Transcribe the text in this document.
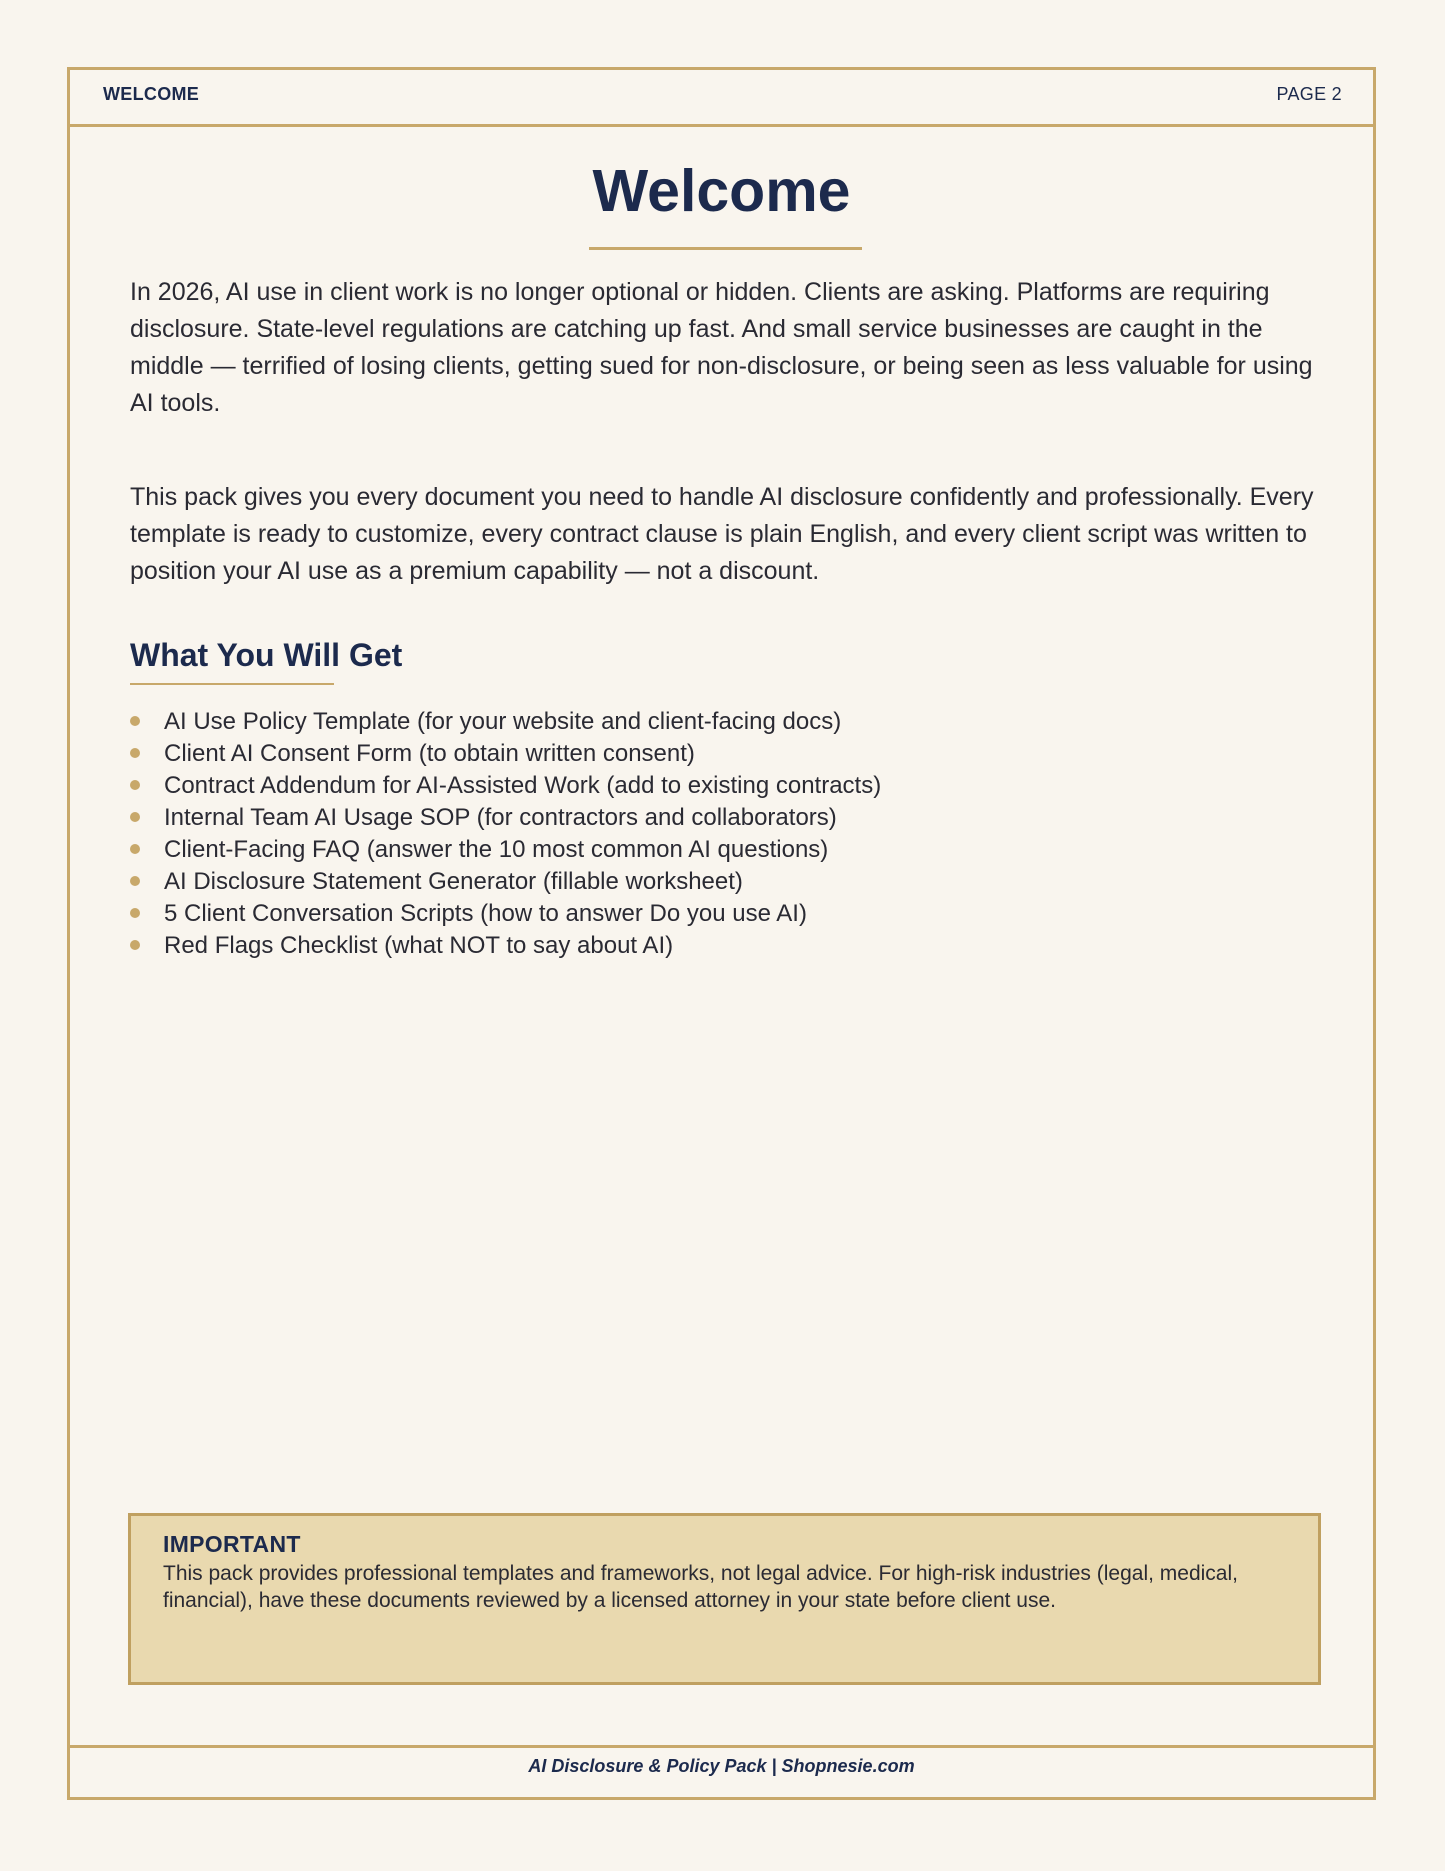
WELCOME	PAGE 2
Welcome

In 2026, AI use in client work is no longer optional or hidden. Clients are asking. Platforms are requiring disclosure. State-level regulations are catching up fast. And small service businesses are caught in the middle — terrified of losing clients, getting sued for non-disclosure, or being seen as less valuable for using AI tools.

This pack gives you every document you need to handle AI disclosure confidently and professionally. Every template is ready to customize, every contract clause is plain English, and every client script was written to position your AI use as a premium capability — not a discount.

What You Will Get
AI Use Policy Template (for your website and client-facing docs)
Client AI Consent Form (to obtain written consent)
Contract Addendum for AI-Assisted Work (add to existing contracts)
Internal Team AI Usage SOP (for contractors and collaborators)
Client-Facing FAQ (answer the 10 most common AI questions)
AI Disclosure Statement Generator (fillable worksheet)
5 Client Conversation Scripts (how to answer Do you use AI)
Red Flags Checklist (what NOT to say about AI)
IMPORTANT

This pack provides professional templates and frameworks, not legal advice. For high-risk industries (legal, medical, financial), have these documents reviewed by a licensed attorney in your state before client use.

AI Disclosure & Policy Pack | Shopnesie.com
